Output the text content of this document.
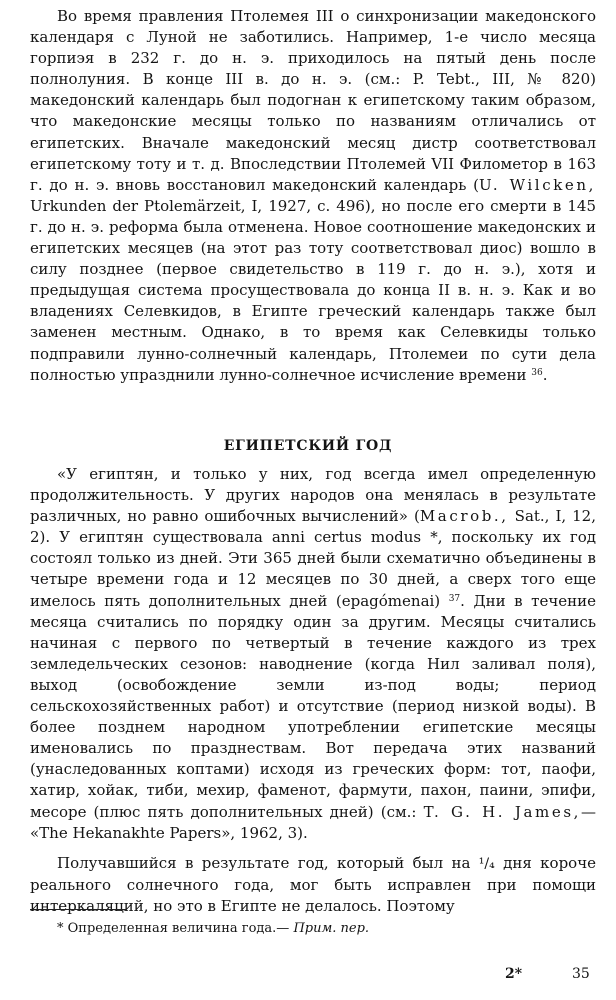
Во время правления Птолемея III о синхронизации македонского календаря с Луной не заботились. Например, 1-е число месяца горпиэя в 232 г. до н. э. приходилось на пятый день после полнолуния. В конце III в. до н. э. (см.: P. Tebt., III, № 820) македонский календарь был подогнан к египетскому таким образом, что македонские месяцы только по названиям отличались от египетских. Вначале македонский месяц дистр соответствовал египетскому тоту и т. д. Впоследствии Птолемей VII Филометор в 163 г. до н. э. вновь восстановил македонский календарь (U. Wilcken, Urkunden der Ptolemärzeit, I, 1927, с. 496), но после его смерти в 145 г. до н. э. реформа была отменена. Новое соотношение македонских и египетских месяцев (на этот раз тоту соответствовал диос) вошло в силу позднее (первое свидетельство в 119 г. до н. э.), хотя и предыдущая система просуществовала до конца II в. н. э. Как и во владениях Селевкидов, в Египте греческий календарь также был заменен местным. Однако, в то время как Селевкиды только подправили лунно-солнечный календарь, Птолемеи по сути дела полностью упразднили лунно-солнечное исчисление времени $^{36}$.

ЕГИПЕТСКИЙ ГОД

«У египтян, и только у них, год всегда имел определенную продолжительность. У других народов она менялась в результате различных, но равно ошибочных вычислений» (Macrob., Sat., I, 12, 2). У египтян существовала anni certus modus *, поскольку их год состоял только из дней. Эти 365 дней были схематично объединены в четыре времени года и 12 месяцев по 30 дней, а сверх того еще имелось пять дополнительных дней (epagómenai) $^{37}$. Дни в течение месяца считались по порядку один за другим. Месяцы считались начиная с первого по четвертый в течение каждого из трех земледельческих сезонов: наводнение (когда Нил заливал поля), выход (освобождение земли из-под воды; период сельскохозяйственных работ) и отсутствие (период низкой воды). В более позднем народном употреблении египетские месяцы именовались по празднествам. Вот передача этих названий (унаследованных коптами) исходя из греческих форм: тот, паофи, хатир, хойак, тиби, мехир, фаменот, фармути, пахон, паини, эпифи, месоре (плюс пять дополнительных дней) (см.: T. G. H. James,— «The Hekanakhte Papers», 1962, 3).

Получавшийся в результате год, который был на ¹/₄ дня короче реального солнечного года, мог быть исправлен при помощи интеркаляций, но это в Египте не делалось. Поэтому

* Определенная величина года.— Прим. пер.

2*	35
